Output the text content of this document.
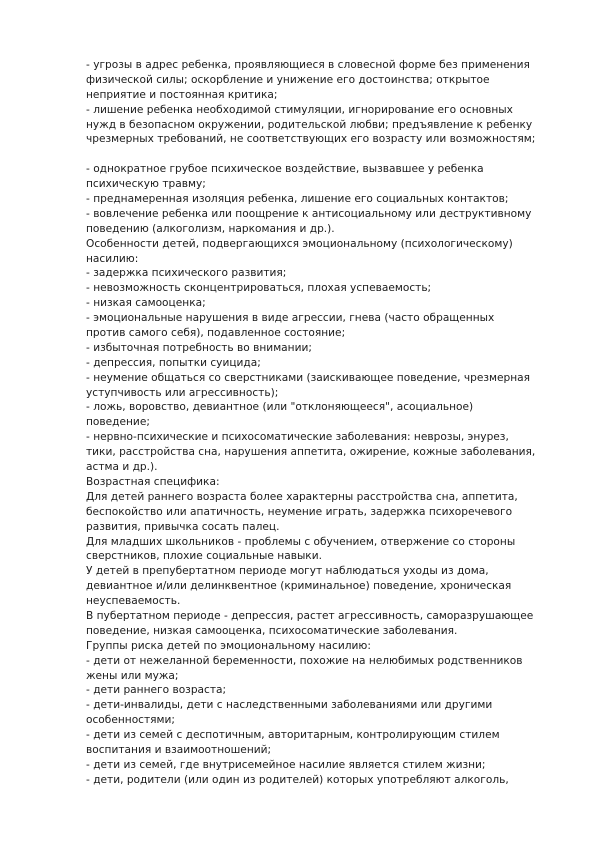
- угрозы в адрес ребенка, проявляющиеся в словесной форме без применения
физической силы; оскорбление и унижение его достоинства; открытое
неприятие и постоянная критика;
- лишение ребенка необходимой стимуляции, игнорирование его основных
нужд в безопасном окружении, родительской любви; предъявление к ребенку
чрезмерных требований, не соответствующих его возрасту или возможностям;
- однократное грубое психическое воздействие, вызвавшее у ребенка
психическую травму;
- преднамеренная изоляция ребенка, лишение его социальных контактов;
- вовлечение ребенка или поощрение к антисоциальному или деструктивному
поведению (алкоголизм, наркомания и др.).
Особенности детей, подвергающихся эмоциональному (психологическому)
насилию:
- задержка психического развития;
- невозможность сконцентрироваться, плохая успеваемость;
- низкая самооценка;
- эмоциональные нарушения в виде агрессии, гнева (часто обращенных
против самого себя), подавленное состояние;
- избыточная потребность во внимании;
- депрессия, попытки суицида;
- неумение общаться со сверстниками (заискивающее поведение, чрезмерная
уступчивость или агрессивность);
- ложь, воровство, девиантное (или "отклоняющееся", асоциальное)
поведение;
- нервно-психические и психосоматические заболевания: неврозы, энурез,
тики, расстройства сна, нарушения аппетита, ожирение, кожные заболевания,
астма и др.).
Возрастная специфика:
Для детей раннего возраста более характерны расстройства сна, аппетита,
беспокойство или апатичность, неумение играть, задержка психоречевого
развития, привычка сосать палец.
Для младших школьников - проблемы с обучением, отвержение со стороны
сверстников, плохие социальные навыки.
У детей в препубертатном периоде могут наблюдаться уходы из дома,
девиантное и/или делинквентное (криминальное) поведение, хроническая
неуспеваемость.
В пубертатном периоде - депрессия, растет агрессивность, саморазрушающее
поведение, низкая самооценка, психосоматические заболевания.
Группы риска детей по эмоциональному насилию:
- дети от нежеланной беременности, похожие на нелюбимых родственников
жены или мужа;
- дети раннего возраста;
- дети-инвалиды, дети с наследственными заболеваниями или другими
особенностями;
- дети из семей с деспотичным, авторитарным, контролирующим стилем
воспитания и взаимоотношений;
- дети из семей, где внутрисемейное насилие является стилем жизни;
- дети, родители (или один из родителей) которых употребляют алкоголь,
